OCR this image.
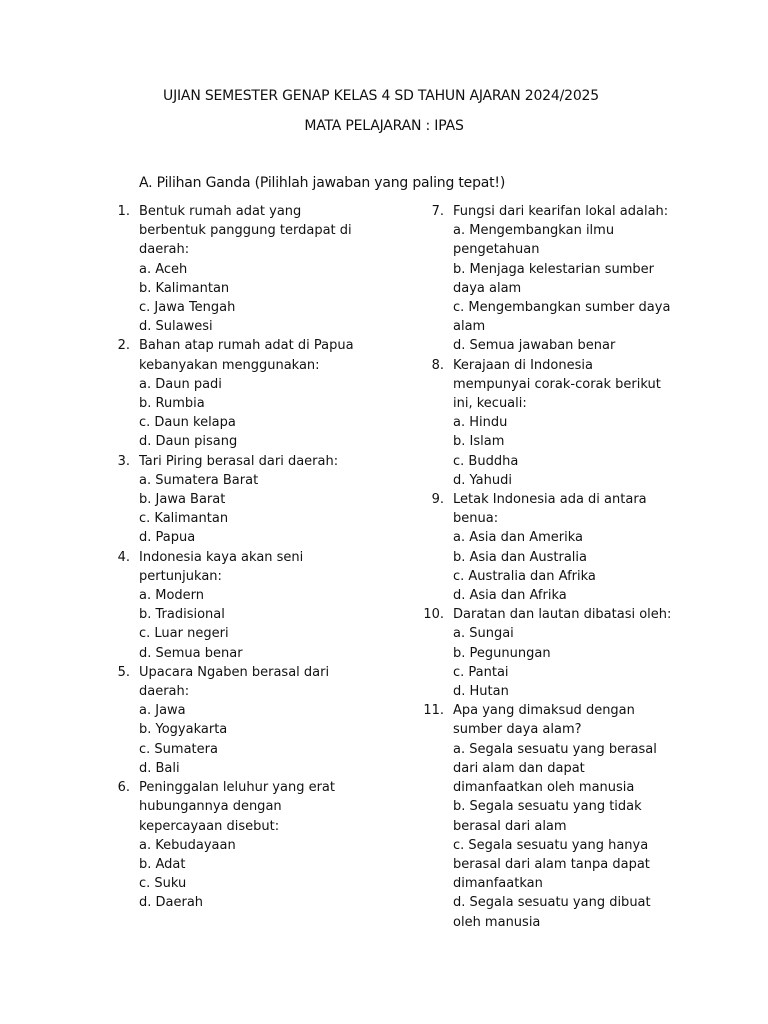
UJIAN SEMESTER GENAP KELAS 4 SD TAHUN AJARAN 2024/2025
MATA PELAJARAN : IPAS
A. Pilihan Ganda (Pilihlah jawaban yang paling tepat!)
1. Bentuk rumah adat yang berbentuk panggung terdapat di daerah:
a. Aceh
b. Kalimantan
c. Jawa Tengah
d. Sulawesi
2. Bahan atap rumah adat di Papua kebanyakan menggunakan:
a. Daun padi
b. Rumbia
c. Daun kelapa
d. Daun pisang
3. Tari Piring berasal dari daerah:
a. Sumatera Barat
b. Jawa Barat
c. Kalimantan
d. Papua
4. Indonesia kaya akan seni pertunjukan:
a. Modern
b. Tradisional
c. Luar negeri
d. Semua benar
5. Upacara Ngaben berasal dari daerah:
a. Jawa
b. Yogyakarta
c. Sumatera
d. Bali
6. Peninggalan leluhur yang erat hubungannya dengan kepercayaan disebut:
a. Kebudayaan
b. Adat
c. Suku
d. Daerah
7. Fungsi dari kearifan lokal adalah:
a. Mengembangkan ilmu pengetahuan
b. Menjaga kelestarian sumber daya alam
c. Mengembangkan sumber daya alam
d. Semua jawaban benar
8. Kerajaan di Indonesia mempunyai corak-corak berikut ini, kecuali:
a. Hindu
b. Islam
c. Buddha
d. Yahudi
9. Letak Indonesia ada di antara benua:
a. Asia dan Amerika
b. Asia dan Australia
c. Australia dan Afrika
d. Asia dan Afrika
10. Daratan dan lautan dibatasi oleh:
a. Sungai
b. Pegunungan
c. Pantai
d. Hutan
11. Apa yang dimaksud dengan sumber daya alam?
a. Segala sesuatu yang berasal dari alam dan dapat dimanfaatkan oleh manusia
b. Segala sesuatu yang tidak berasal dari alam
c. Segala sesuatu yang hanya berasal dari alam tanpa dapat dimanfaatkan
d. Segala sesuatu yang dibuat oleh manusia
